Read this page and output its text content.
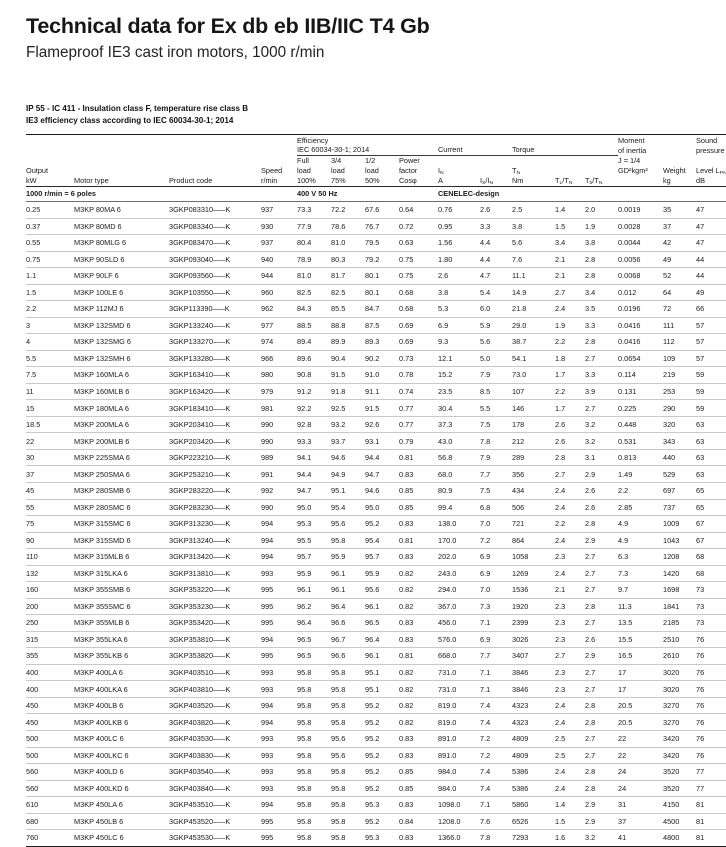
Technical data for Ex db eb IIB/IIC T4 Gb
Flameproof IE3 cast iron motors, 1000 r/min
IP 55 - IC 411 - Insulation class F, temperature rise class B
IE3 efficiency class according to IEC 60034-30-1; 2014

				Efficiency									Moment		Sound
				IEC 60034-30-1; 2014				Current		Torque			of inertia		pressure
				Full	3/4	1/2	Power						J = 1/4		
Output			Speed	load	load	load	factor	$I_N$		$T_N$			GD²kgm²	Weight	Level $L_{PA}$
kW	Motor type	Product code	r/min	100%	75%	50%	Cosφ	A	$I_S/I_N$	Nm	$T_L/T_N$	$T_b/T_N$		kg	dB
1000 r/min = 6 poles				400 V 50 Hz				CENELEC-design							
0.25	M3KP 80MA 6	3GKP083310‒‒‒K	937	73.3	72.2	67.6	0.64	0.76	2.6	2.5	1.4	2.0	0.0019	35	47
0.37	M3KP 80MD 6	3GKP083340‒‒‒K	930	77.9	78.6	76.7	0.72	0.95	3.3	3.8	1.5	1.9	0.0028	37	47
0.55	M3KP 80MLG 6	3GKP083470‒‒‒K	937	80.4	81.0	79.5	0.63	1.56	4.4	5.6	3.4	3.8	0.0044	42	47
0.75	M3KP 90SLD 6	3GKP093040‒‒‒K	940	78.9	80.3	79.2	0.75	1.80	4.4	7.6	2.1	2.8	0.0056	49	44
1.1	M3KP 90LF 6	3GKP093560‒‒‒K	944	81.0	81.7	80.1	0.75	2.6	4.7	11.1	2.1	2.8	0.0068	52	44
1.5	M3KP 100LE 6	3GKP103550‒‒‒K	960	82.5	82.5	80.1	0.68	3.8	5.4	14.9	2.7	3.4	0.012	64	49
2.2	M3KP 112MJ 6	3GKP113390‒‒‒K	962	84.3	85.5	84.7	0.68	5.3	6.0	21.8	2.4	3.5	0.0196	72	66
3	M3KP 132SMD 6	3GKP133240‒‒‒K	977	88.5	88.8	87.5	0.69	6.9	5.9	29.0	1.9	3.3	0.0416	111	57
4	M3KP 132SMG 6	3GKP133270‒‒‒K	974	89.4	89.9	89.3	0.69	9.3	5.6	38.7	2.2	2.8	0.0416	112	57
5.5	M3KP 132SMH 6	3GKP133280‒‒‒K	966	89.6	90.4	90.2	0.73	12.1	5.0	54.1	1.8	2.7	0.0654	109	57
7.5	M3KP 160MLA 6	3GKP163410‒‒‒K	980	90.8	91.5	91.0	0.78	15.2	7.9	73.0	1.7	3.3	0.114	219	59
11	M3KP 160MLB 6	3GKP163420‒‒‒K	979	91.2	91.8	91.1	0.74	23.5	8.5	107	2.2	3.9	0.131	253	59
15	M3KP 180MLA 6	3GKP183410‒‒‒K	981	92.2	92.5	91.5	0.77	30.4	5.5	146	1.7	2.7	0.225	290	59
18.5	M3KP 200MLA 6	3GKP203410‒‒‒K	990	92.8	93.2	92.6	0.77	37.3	7.5	178	2.6	3.2	0.448	320	63
22	M3KP 200MLB 6	3GKP203420‒‒‒K	990	93.3	93.7	93.1	0.79	43.0	7.8	212	2.6	3.2	0.531	343	63
30	M3KP 225SMA 6	3GKP223210‒‒‒K	989	94.1	94.6	94.4	0.81	56.8	7.9	289	2.8	3.1	0.813	440	63
37	M3KP 250SMA 6	3GKP253210‒‒‒K	991	94.4	94.9	94.7	0.83	68.0	7.7	356	2.7	2.9	1.49	529	63
45	M3KP 280SMB 6	3GKP283220‒‒‒K	992	94.7	95.1	94.6	0.85	80.9	7.5	434	2.4	2.6	2.2	697	65
55	M3KP 280SMC 6	3GKP283230‒‒‒K	990	95.0	95.4	95.0	0.85	99.4	6.8	506	2.4	2.6	2.85	737	65
75	M3KP 315SMC 6	3GKP313230‒‒‒K	994	95.3	95.6	95.2	0.83	138.0	7.0	721	2.2	2.8	4.9	1009	67
90	M3KP 315SMD 6	3GKP313240‒‒‒K	994	95.5	95.8	95.4	0.81	170.0	7.2	864	2.4	2.9	4.9	1043	67
110	M3KP 315MLB 6	3GKP313420‒‒‒K	994	95.7	95.9	95.7	0.83	202.0	6.9	1058	2.3	2.7	6.3	1208	68
132	M3KP 315LKA 6	3GKP313810‒‒‒K	993	95.9	96.1	95.9	0.82	243.0	6.9	1269	2.4	2.7	7.3	1420	68
160	M3KP 355SMB 6	3GKP353220‒‒‒K	995	96.1	96.1	95.6	0.82	294.0	7.0	1536	2.1	2.7	9.7	1698	73
200	M3KP 355SMC 6	3GKP353230‒‒‒K	995	96.2	96.4	96.1	0.82	367.0	7.3	1920	2.3	2.8	11.3	1841	73
250	M3KP 355MLB 6	3GKP353420‒‒‒K	995	96.4	96.6	96.5	0.83	456.0	7.1	2399	2.3	2.7	13.5	2185	73
315	M3KP 355LKA 6	3GKP353810‒‒‒K	994	96.5	96.7	96.4	0.83	576.0	6.9	3026	2.3	2.6	15.5	2510	76
355	M3KP 355LKB 6	3GKP353820‒‒‒K	995	96.5	96.6	96.1	0.81	668.0	7.7	3407	2.7	2.9	16.5	2610	76
400	M3KP 400LA 6	3GKP403510‒‒‒K	993	95.8	95.8	95.1	0.82	731.0	7.1	3846	2.3	2.7	17	3020	76
400	M3KP 400LKA 6	3GKP403810‒‒‒K	993	95.8	95.8	95.1	0.82	731.0	7.1	3846	2.3	2.7	17	3020	76
450	M3KP 400LB 6	3GKP403520‒‒‒K	994	95.8	95.8	95.2	0.82	819.0	7.4	4323	2.4	2.8	20.5	3270	76
450	M3KP 400LKB 6	3GKP403820‒‒‒K	994	95.8	95.8	95.2	0.82	819.0	7.4	4323	2.4	2.8	20.5	3270	76
500	M3KP 400LC 6	3GKP403530‒‒‒K	993	95.8	95.6	95.2	0.83	891.0	7.2	4809	2.5	2.7	22	3420	76
500	M3KP 400LKC 6	3GKP403830‒‒‒K	993	95.8	95.6	95.2	0.83	891.0	7.2	4809	2.5	2.7	22	3420	76
560	M3KP 400LD 6	3GKP403540‒‒‒K	993	95.8	95.8	95.2	0.85	984.0	7.4	5386	2.4	2.8	24	3520	77
560	M3KP 400LKD 6	3GKP403840‒‒‒K	993	95.8	95.8	95.2	0.85	984.0	7.4	5386	2.4	2.8	24	3520	77
610	M3KP 450LA 6	3GKP453510‒‒‒K	994	95.8	95.8	95.3	0.83	1098.0	7.1	5860	1.4	2.9	31	4150	81
680	M3KP 450LB 6	3GKP453520‒‒‒K	995	95.8	95.8	95.2	0.84	1208.0	7.6	6526	1.5	2.9	37	4500	81
760	M3KP 450LC 6	3GKP453530‒‒‒K	995	95.8	95.8	95.3	0.83	1366.0	7.8	7293	1.6	3.2	41	4800	81
